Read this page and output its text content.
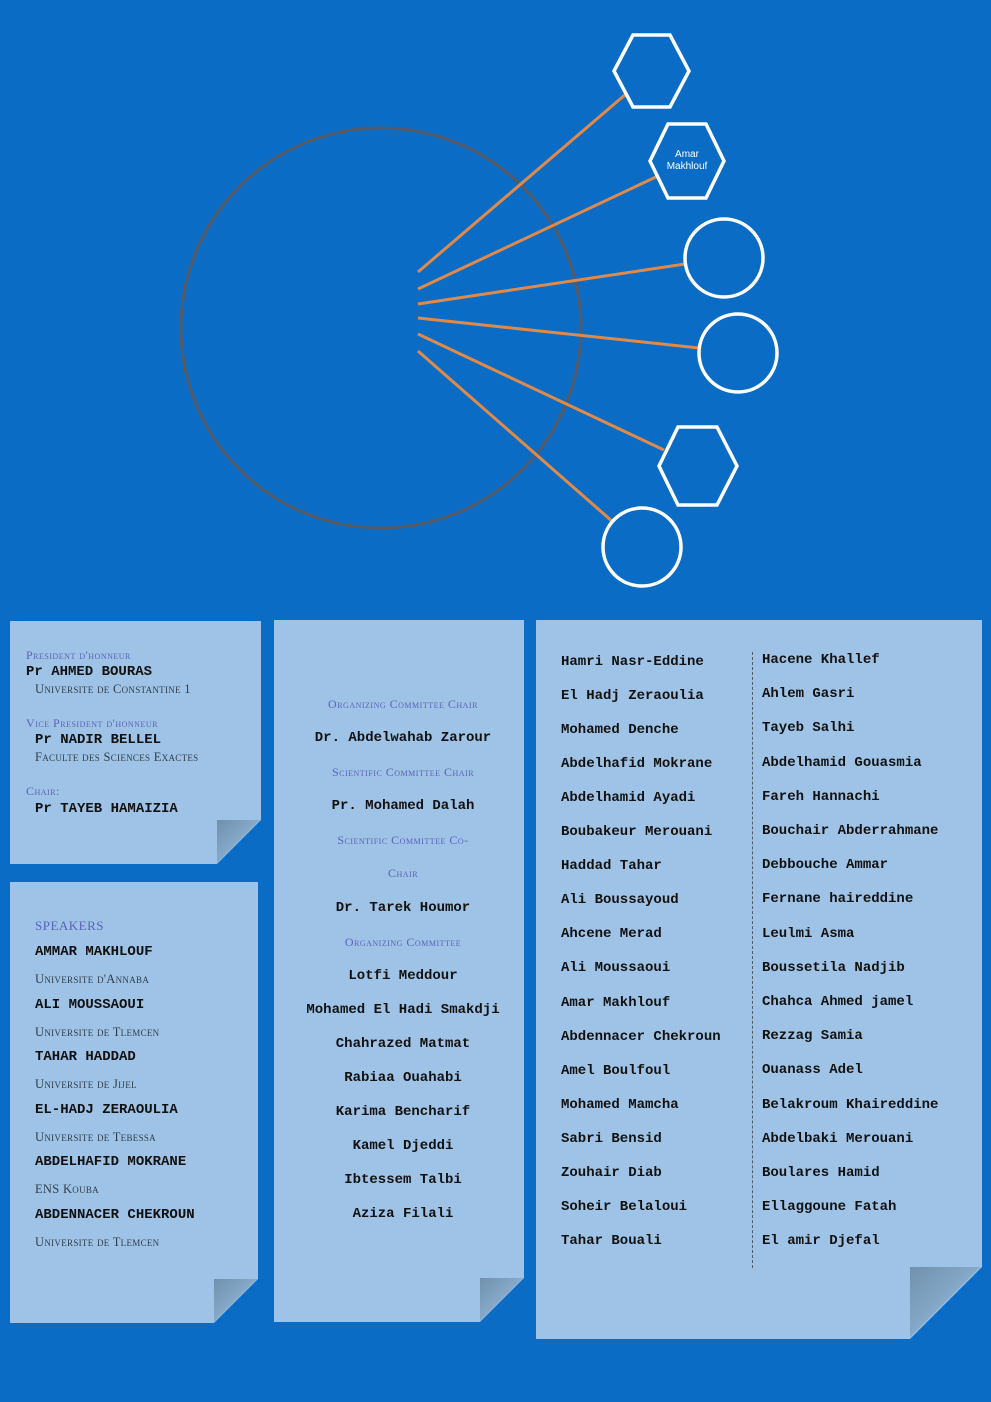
Amar Makhlouf
President d'honneur
Pr AHMED BOURAS
Universite de Constantine 1
Vice President d'honneur
Pr NADIR BELLEL
Faculte des Sciences Exactes
Chair:
Pr TAYEB HAMAIZIA
SPEAKERS
AMMAR MAKHLOUF
Universite d'Annaba
ALI MOUSSAOUI
Universite de Tlemcen
TAHAR HADDAD
Universite de Jijel
EL-HADJ ZERAOULIA
Universite de Tebessa
ABDELHAFID MOKRANE
ENS Kouba
ABDENNACER CHEKROUN
Universite de Tlemcen
Organizing Committee Chair
Dr. Abdelwahab Zarour
Scientific Committee Chair
Pr. Mohamed Dalah
Scientific Committee Co-
Chair
Dr. Tarek Houmor
Organizing Committee
Lotfi Meddour
Mohamed El Hadi Smakdji
Chahrazed Matmat
Rabiaa Ouahabi
Karima Bencharif
Kamel Djeddi
Ibtessem Talbi
Aziza Filali
Hamri Nasr-Eddine
El Hadj Zeraoulia
Mohamed Denche
Abdelhafid Mokrane
Abdelhamid Ayadi
Boubakeur Merouani
Haddad Tahar
Ali Boussayoud
Ahcene Merad
Ali Moussaoui
Amar Makhlouf
Abdennacer Chekroun
Amel Boulfoul
Mohamed Mamcha
Sabri Bensid
Zouhair Diab
Soheir Belaloui
Tahar Bouali
Hacene Khallef
Ahlem Gasri
Tayeb Salhi
Abdelhamid Gouasmia
Fareh Hannachi
Bouchair Abderrahmane
Debbouche Ammar
Fernane haireddine
Leulmi Asma
Boussetila Nadjib
Chahca Ahmed jamel
Rezzag Samia
Ouanass Adel
Belakroum Khaireddine
Abdelbaki Merouani
Boulares Hamid
Ellaggoune Fatah
El amir Djefal
